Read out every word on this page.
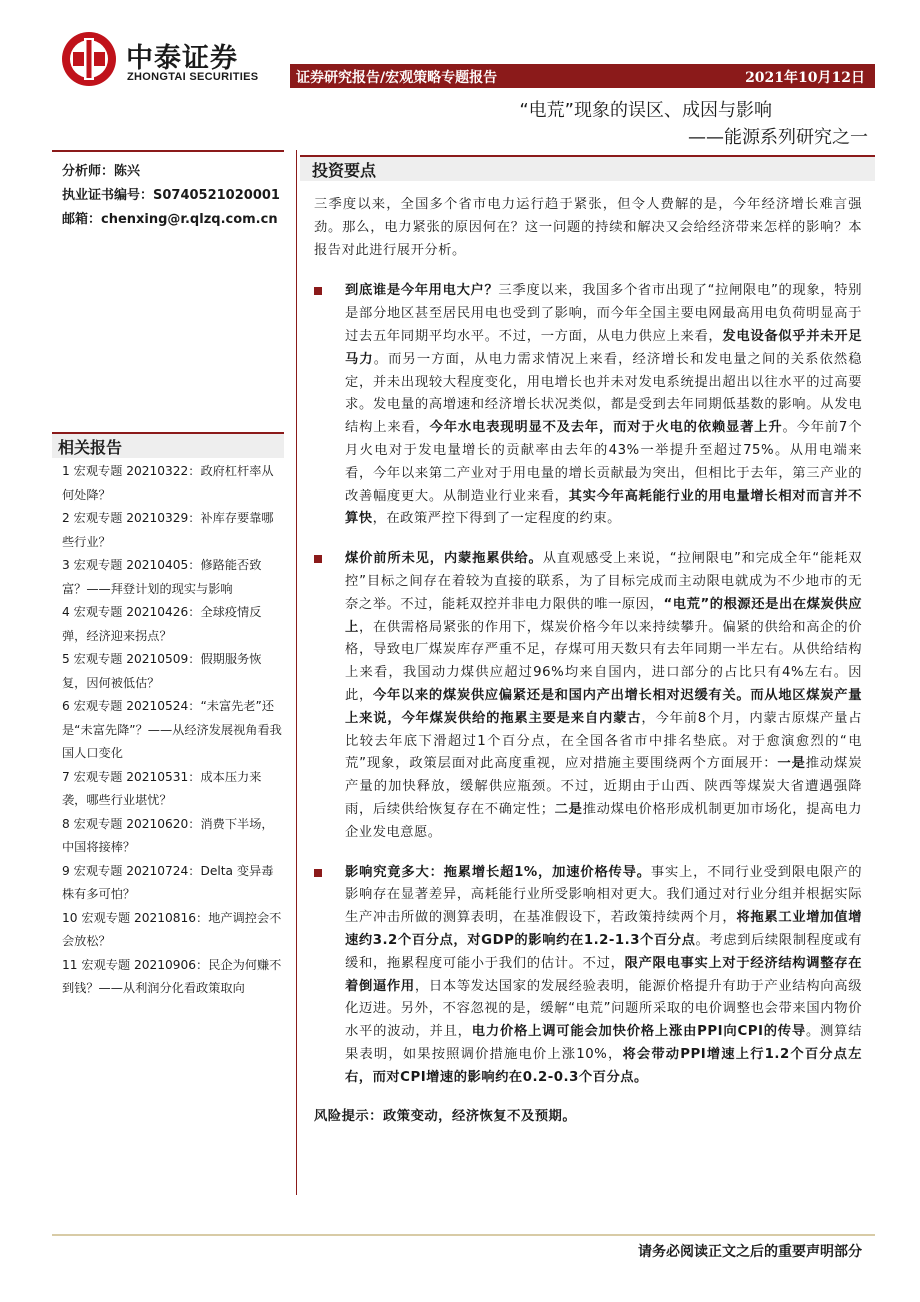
中泰证券
ZHONGTAI SECURITIES	证券研究报告/宏观策略专题报告	2021年10月12日
“电荒”现象的误区、成因与影响
——能源系列研究之一
分析师：陈兴
执业证书编号：S0740521020001
邮箱：chenxing@r.qlzq.com.cn
相关报告
1 宏观专题 20210322：政府杠杆率从何处降？
2 宏观专题 20210329：补库存要靠哪些行业？
3 宏观专题 20210405：修路能否致富？——拜登计划的现实与影响
4 宏观专题 20210426：全球疫情反弹，经济迎来拐点？
5 宏观专题 20210509：假期服务恢复，因何被低估？
6 宏观专题 20210524：“未富先老”还是“未富先降”？——从经济发展视角看我国人口变化
7 宏观专题 20210531：成本压力来袭，哪些行业堪忧？
8 宏观专题 20210620：消费下半场，中国将接棒？
9 宏观专题 20210724：Delta 变异毒株有多可怕？
10 宏观专题 20210816：地产调控会不会放松？
11 宏观专题 20210906：民企为何赚不到钱？——从利润分化看政策取向
投资要点

三季度以来，全国多个省市电力运行趋于紧张，但令人费解的是，今年经济增长难言强劲。那么，电力紧张的原因何在？这一问题的持续和解决又会给经济带来怎样的影响？本报告对此进行展开分析。

到底谁是今年用电大户？三季度以来，我国多个省市出现了“拉闸限电”的现象，特别是部分地区甚至居民用电也受到了影响，而今年全国主要电网最高用电负荷明显高于过去五年同期平均水平。不过，一方面，从电力供应上来看，发电设备似乎并未开足马力。而另一方面，从电力需求情况上来看，经济增长和发电量之间的关系依然稳定，并未出现较大程度变化，用电增长也并未对发电系统提出超出以往水平的过高要求。发电量的高增速和经济增长状况类似，都是受到去年同期低基数的影响。从发电结构上来看，今年水电表现明显不及去年，而对于火电的依赖显著上升。今年前7个月火电对于发电量增长的贡献率由去年的43%一举提升至超过75%。从用电端来看，今年以来第二产业对于用电量的增长贡献最为突出，但相比于去年，第三产业的改善幅度更大。从制造业行业来看，其实今年高耗能行业的用电量增长相对而言并不算快，在政策严控下得到了一定程度的约束。

煤价前所未见，内蒙拖累供给。从直观感受上来说，“拉闸限电”和完成全年“能耗双控”目标之间存在着较为直接的联系，为了目标完成而主动限电就成为不少地市的无奈之举。不过，能耗双控并非电力限供的唯一原因，“电荒”的根源还是出在煤炭供应上，在供需格局紧张的作用下，煤炭价格今年以来持续攀升。偏紧的供给和高企的价格，导致电厂煤炭库存严重不足，存煤可用天数只有去年同期一半左右。从供给结构上来看，我国动力煤供应超过96%均来自国内，进口部分的占比只有4%左右。因此，今年以来的煤炭供应偏紧还是和国内产出增长相对迟缓有关。而从地区煤炭产量上来说，今年煤炭供给的拖累主要是来自内蒙古，今年前8个月，内蒙古原煤产量占比较去年底下滑超过1个百分点，在全国各省市中排名垫底。对于愈演愈烈的“电荒”现象，政策层面对此高度重视，应对措施主要围绕两个方面展开：一是推动煤炭产量的加快释放，缓解供应瓶颈。不过，近期由于山西、陕西等煤炭大省遭遇强降雨，后续供给恢复存在不确定性；二是推动煤电价格形成机制更加市场化，提高电力企业发电意愿。

影响究竟多大：拖累增长超1%，加速价格传导。事实上，不同行业受到限电限产的影响存在显著差异，高耗能行业所受影响相对更大。我们通过对行业分组并根据实际生产冲击所做的测算表明，在基准假设下，若政策持续两个月，将拖累工业增加值增速约3.2个百分点，对GDP的影响约在1.2-1.3个百分点。考虑到后续限制程度或有缓和，拖累程度可能小于我们的估计。不过，限产限电事实上对于经济结构调整存在着倒逼作用，日本等发达国家的发展经验表明，能源价格提升有助于产业结构向高级化迈进。另外，不容忽视的是，缓解“电荒”问题所采取的电价调整也会带来国内物价水平的波动，并且，电力价格上调可能会加快价格上涨由PPI向CPI的传导。测算结果表明，如果按照调价措施电价上涨10%，将会带动PPI增速上行1.2个百分点左右，而对CPI增速的影响约在0.2-0.3个百分点。

风险提示：政策变动，经济恢复不及预期。

请务必阅读正文之后的重要声明部分
